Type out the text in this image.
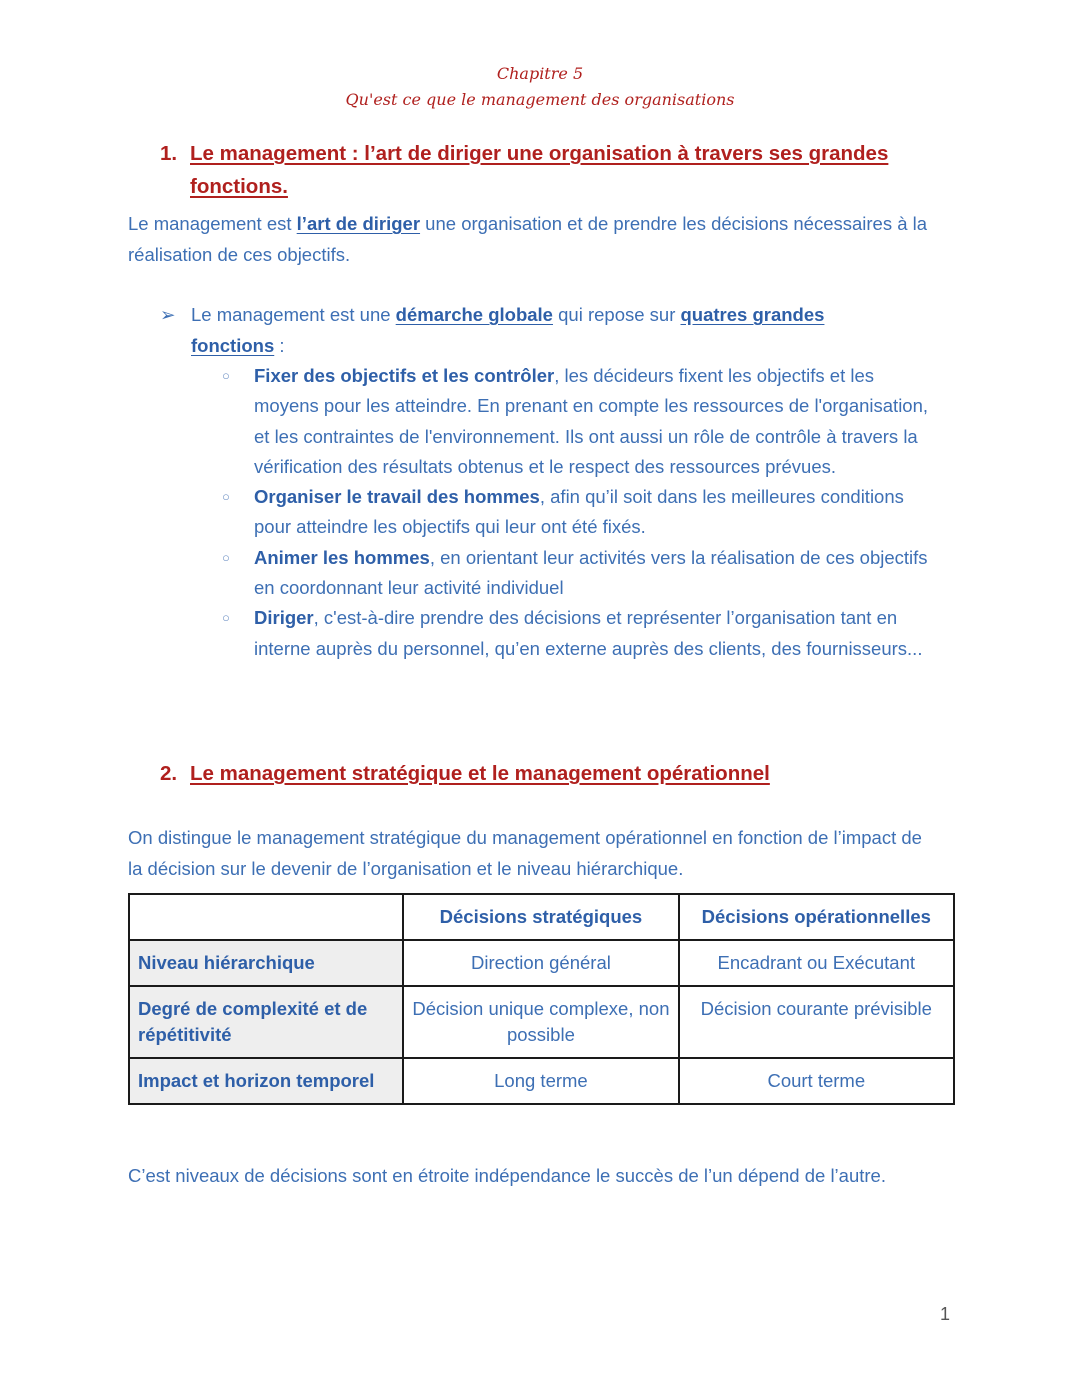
Chapitre 5
Qu'est ce que le management des organisations
1. Le management : l’art de diriger une organisation à travers ses grandes
fonctions.
Le management est l’art de diriger une organisation et de prendre les décisions nécessaires à la réalisation de ces objectifs.
➢ Le management est une démarche globale qui repose sur quatres grandes fonctions :

○ Fixer des objectifs et les contrôler, les décideurs fixent les objectifs et les moyens pour les atteindre. En prenant en compte les ressources de l'organisation, et les contraintes de l'environnement. Ils ont aussi un rôle de contrôle à travers la vérification des résultats obtenus et le respect des ressources prévues.

○ Organiser le travail des hommes, afin qu’il soit dans les meilleures conditions pour atteindre les objectifs qui leur ont été fixés.

○ Animer les hommes, en orientant leur activités vers la réalisation de ces objectifs en coordonnant leur activité individuel

○ Diriger, c'est-à-dire prendre des décisions et représenter l’organisation tant en interne auprès du personnel, qu’en externe auprès des clients, des fournisseurs...

2. Le management stratégique et le management opérationnel
On distingue le management stratégique du management opérationnel en fonction de l’impact de la décision sur le devenir de l’organisation et le niveau hiérarchique.
	Décisions stratégiques	Décisions opérationnelles
Niveau hiérarchique	Direction général	Encadrant ou Exécutant
Degré de complexité et de répétitivité	Décision unique complexe, non possible	Décision courante prévisible
Impact et horizon temporel	Long terme	Court terme
C’est niveaux de décisions sont en étroite indépendance le succès de l’un dépend de l’autre.
1
